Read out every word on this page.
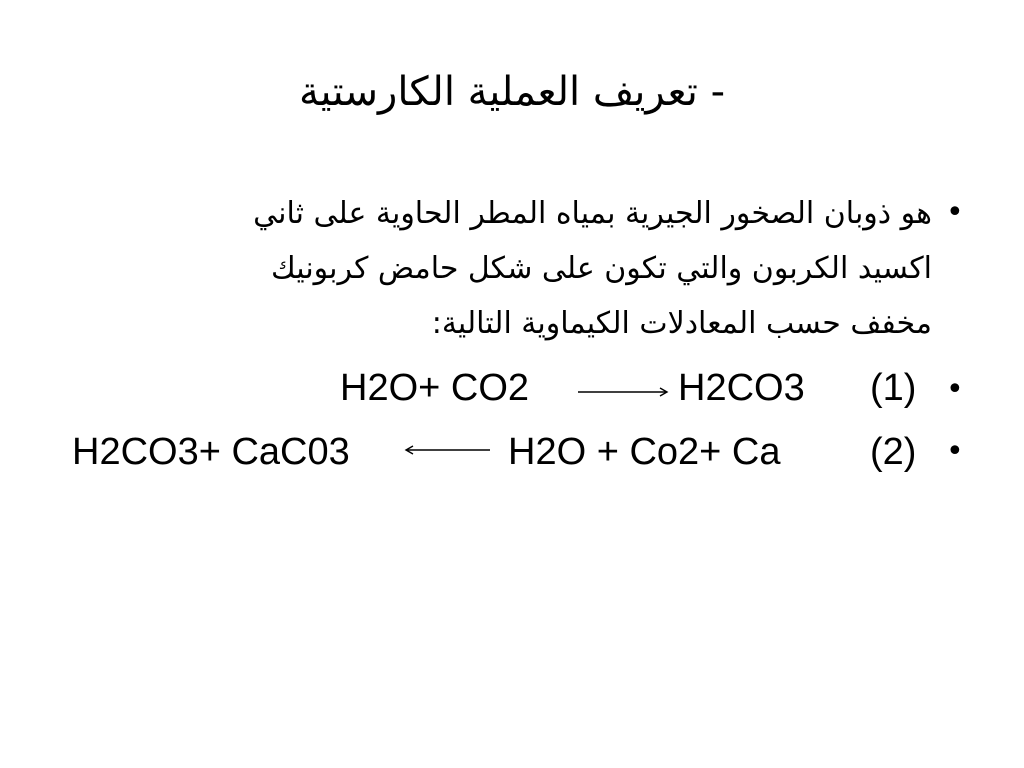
- تعريف العملية الكارستية
•
هو ذوبان الصخور الجيرية بمياه المطر الحاوية على ثاني
اكسيد الكربون والتي تكون على شكل حامض كربونيك
مخفف حسب المعادلات الكيماوية التالية:
•
H2O+ CO2	H2CO3 (1)
•
H2CO3+ CaC03	H2O + Co2+ Ca (2)
